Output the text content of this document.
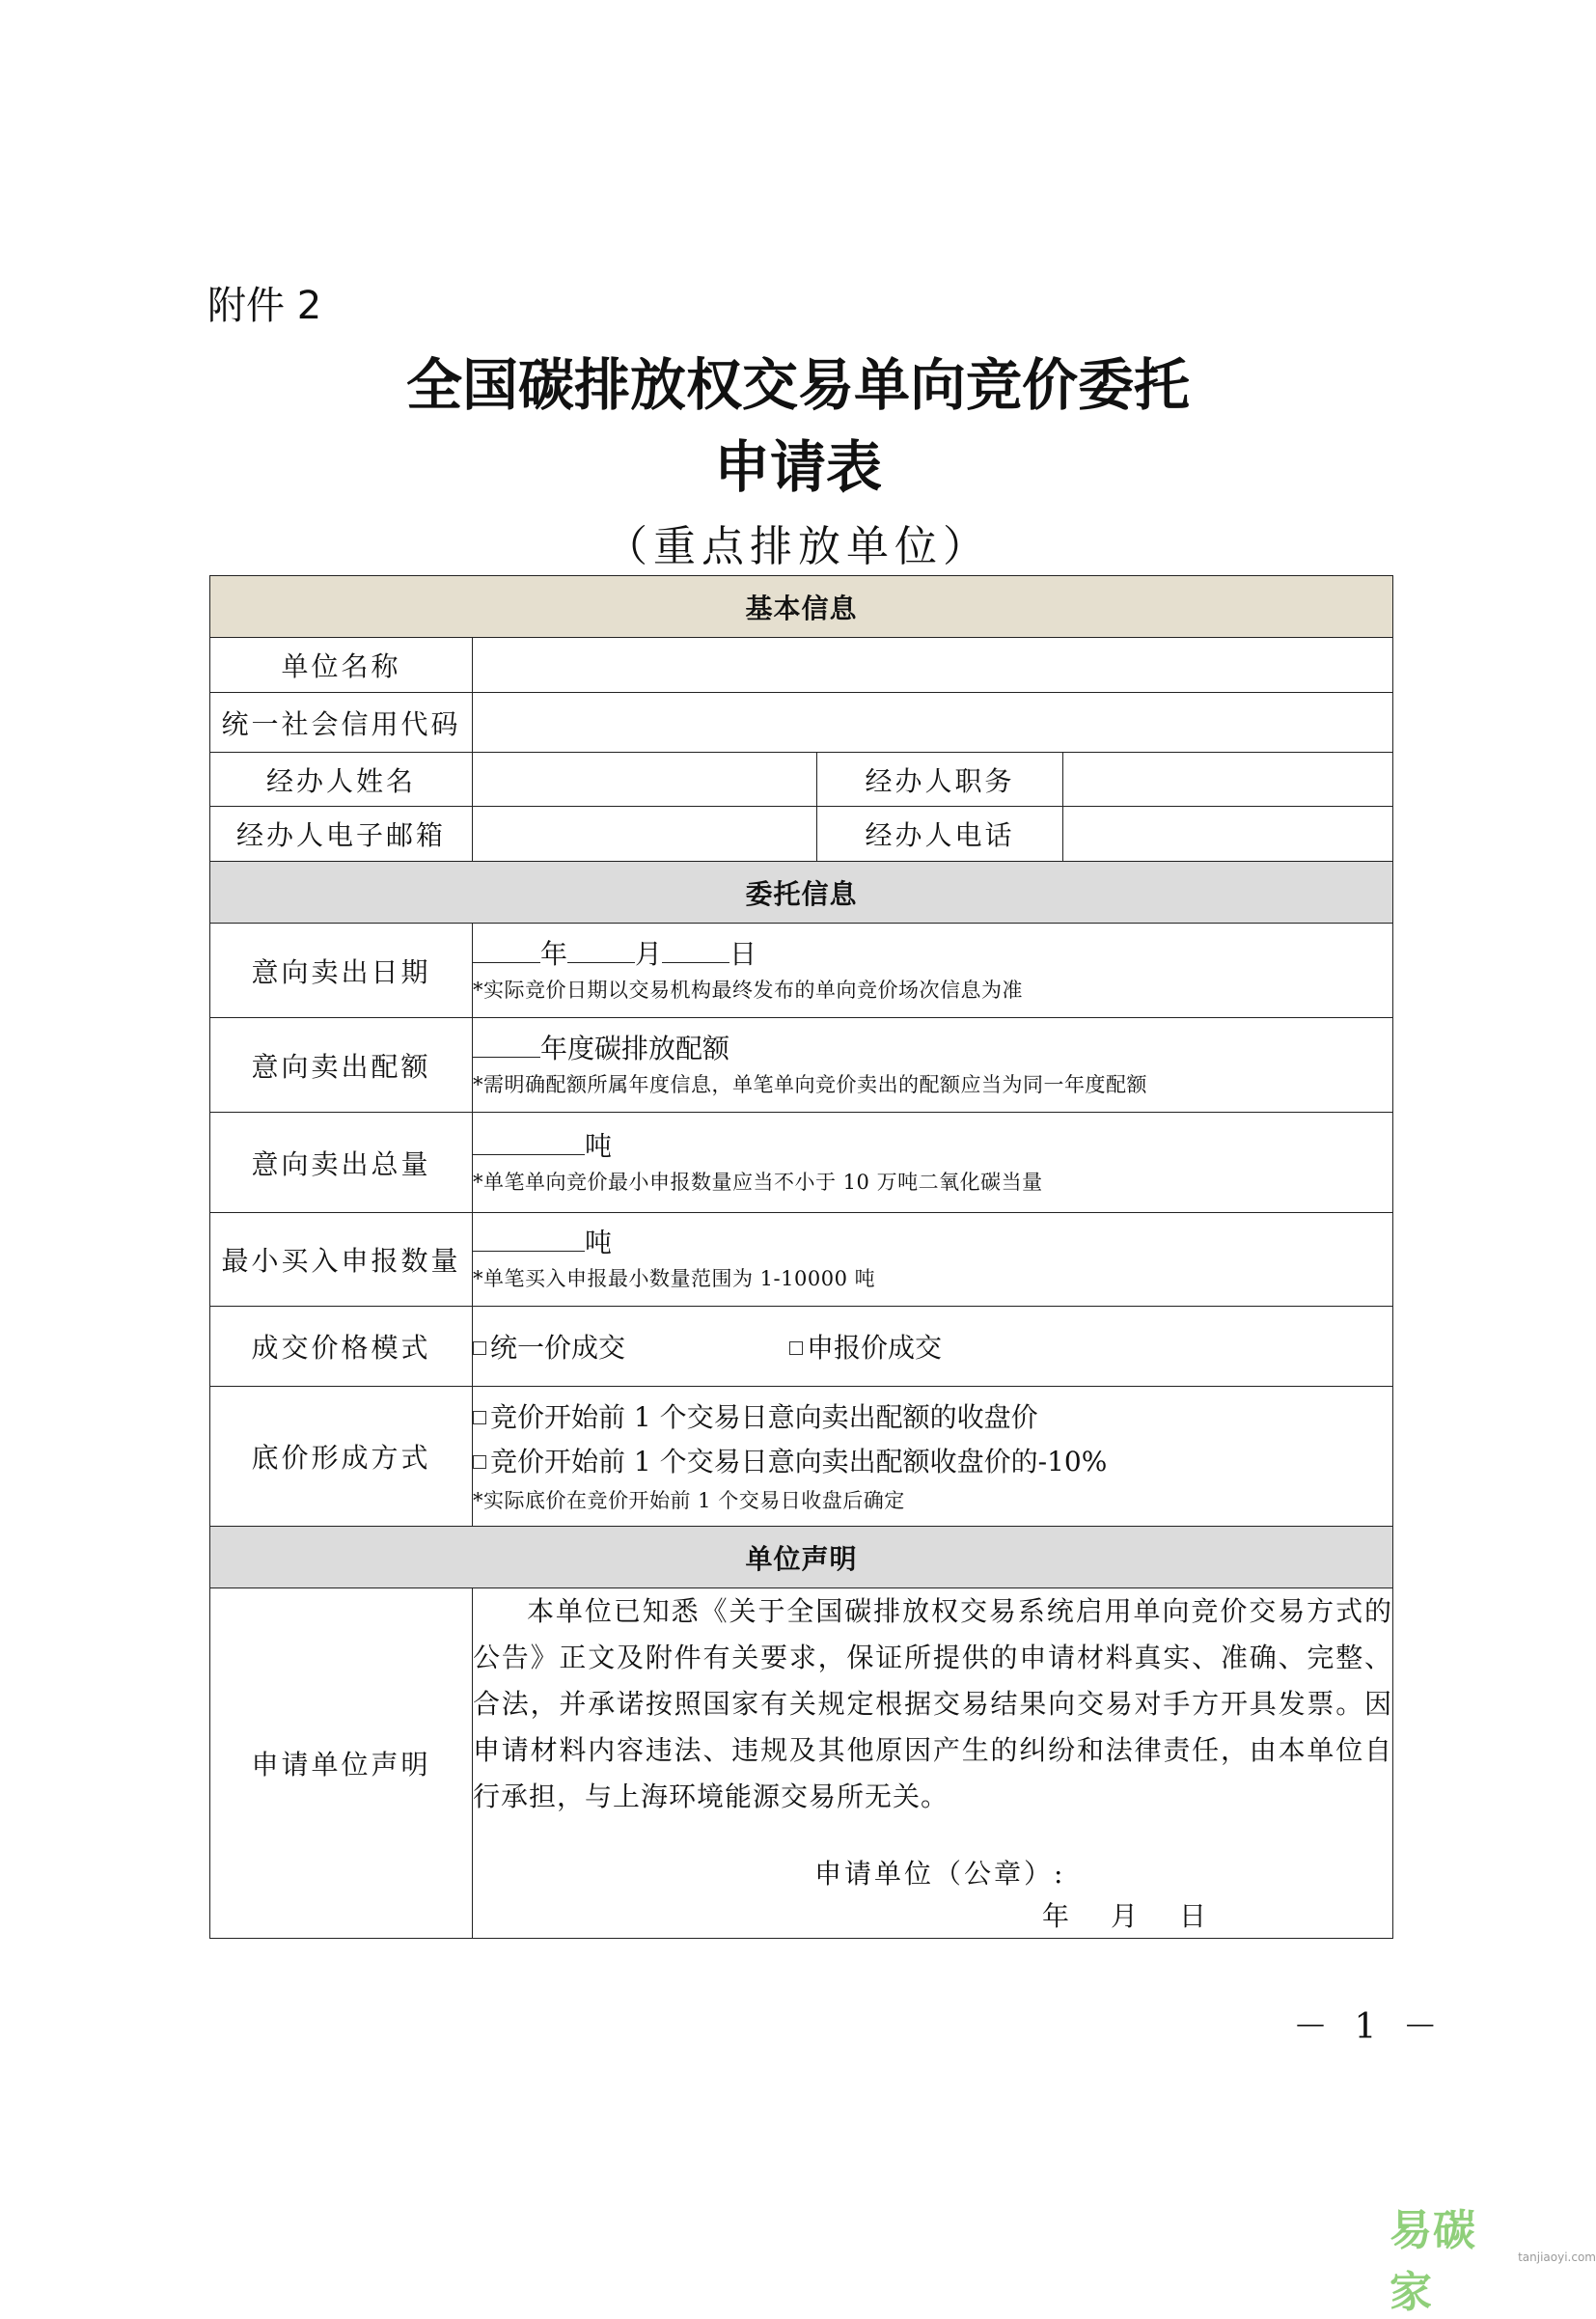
附件 2
全国碳排放权交易单向竞价委托
申请表
（重点排放单位）
基本信息			
单位名称			
统一社会信用代码			
经办人姓名		经办人职务	
经办人电子邮箱		经办人电话	
委托信息			
意向卖出日期	年 月 日
*实际竞价日期以交易机构最终发布的单向竞价场次信息为准		

意向卖出配额	年度碳排放配额
*需明确配额所属年度信息，单笔单向竞价卖出的配额应当为同一年度配额		

意向卖出总量	吨
*单笔单向竞价最小申报数量应当不小于 10 万吨二氧化碳当量		

最小买入申报数量	吨
*单笔买入申报最小数量范围为 1-10000 吨		

成交价格模式	统一价成交 申报价成交		
底价形成方式	竞价开始前 1 个交易日意向卖出配额的收盘价
竞价开始前 1 个交易日意向卖出配额收盘价的-10%
*实际底价在竞价开始前 1 个交易日收盘后确定		

单位声明			
申请单位声明	本单位已知悉《关于全国碳排放权交易系统启用单向竞价交易方式的公告》正文及附件有关要求，保证所提供的申请材料真实、准确、完整、合法，并承诺按照国家有关规定根据交易结果向交易对手方开具发票。因申请材料内容违法、违规及其他原因产生的纠纷和法律责任，由本单位自行承担，与上海环境能源交易所无关。
申请单位（公章）:
年 月 日		
－ 1 －
易碳家
tanjiaoyi.com
